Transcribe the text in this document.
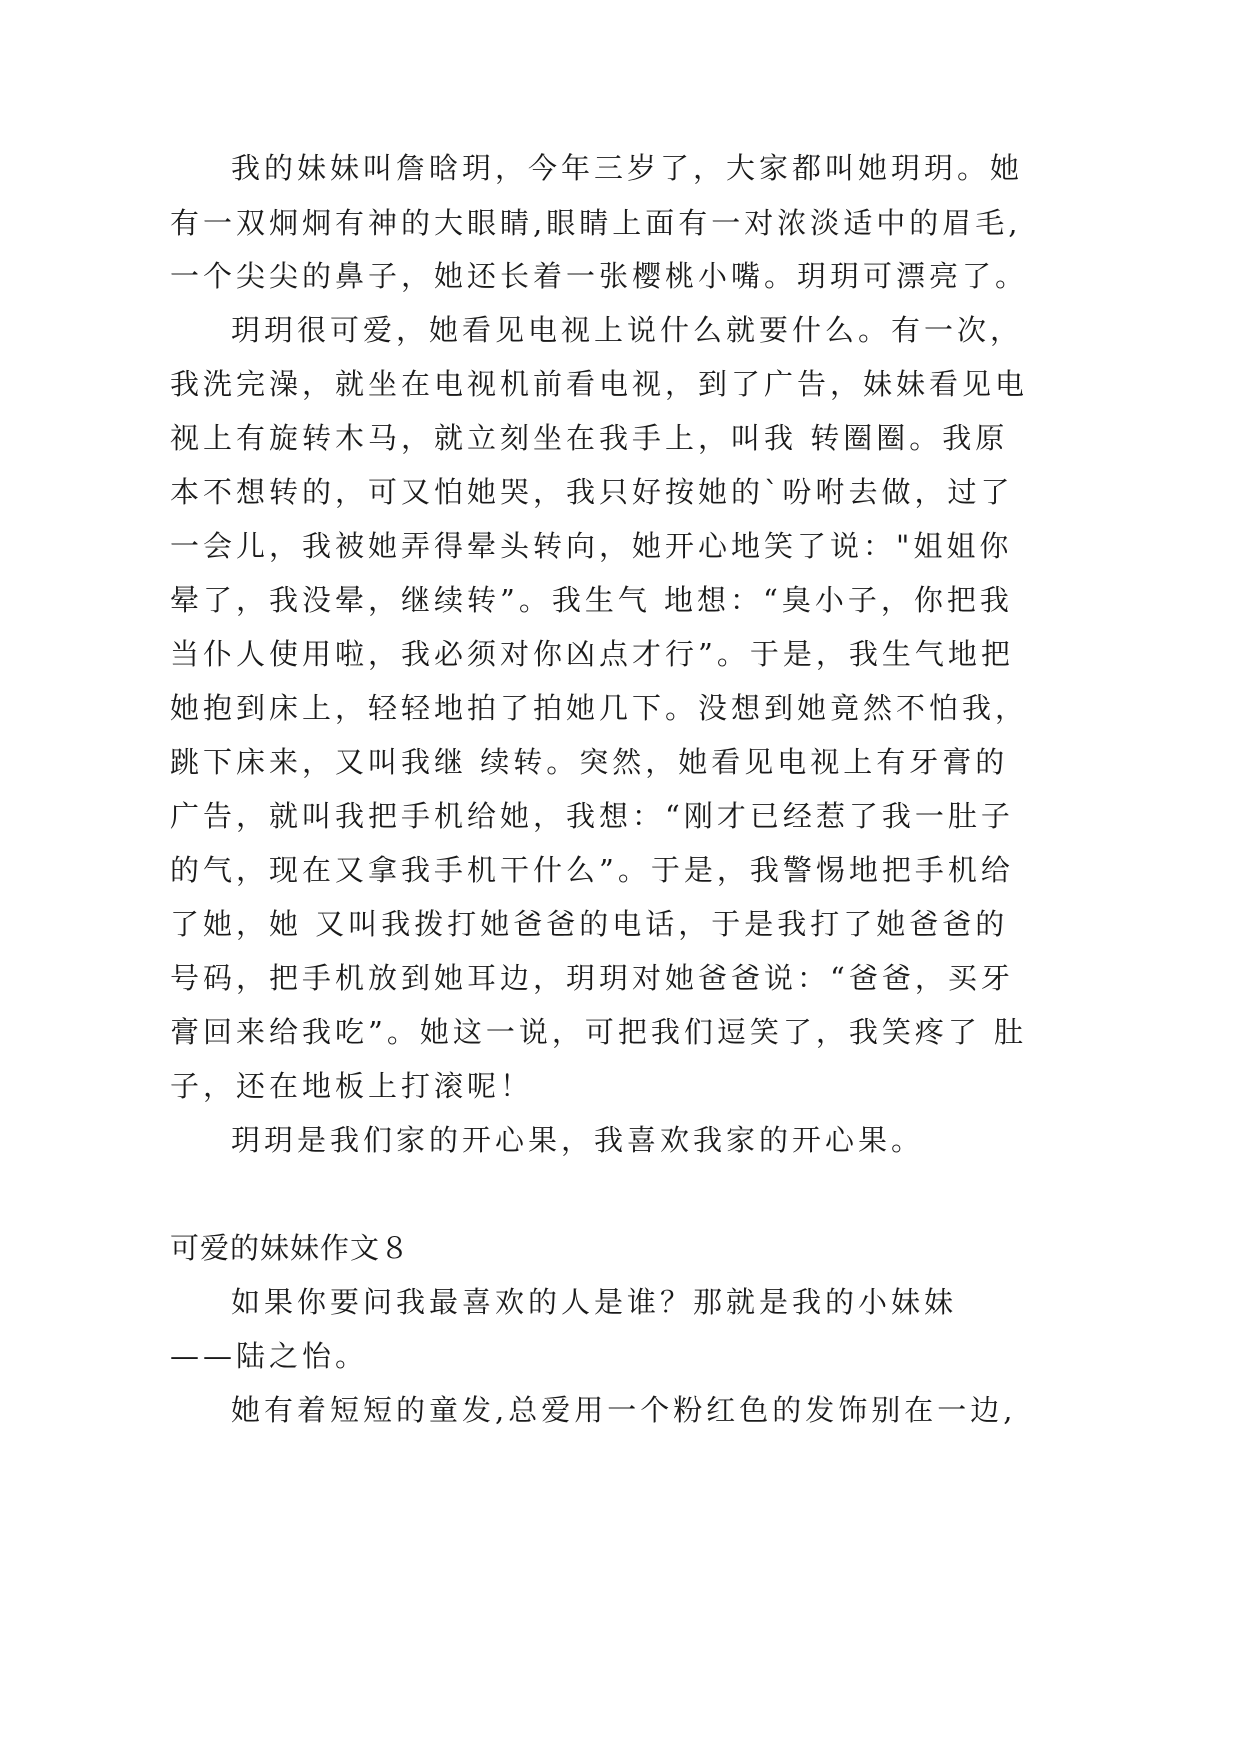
我的妹妹叫詹晗玥，今年三岁了，大家都叫她玥玥。她
有一双炯炯有神的大眼睛,眼睛上面有一对浓淡适中的眉毛,
一个尖尖的鼻子，她还长着一张樱桃小嘴。玥玥可漂亮了。
玥玥很可爱，她看见电视上说什么就要什么。有一次，
我洗完澡，就坐在电视机前看电视，到了广告，妹妹看见电
视上有旋转木马，就立刻坐在我手上，叫我 转圈圈。我原
本不想转的，可又怕她哭，我只好按她的`吩咐去做，过了
一会儿，我被她弄得晕头转向，她开心地笑了说："姐姐你
晕了，我没晕，继续转”。我生气 地想：“臭小子，你把我
当仆人使用啦，我必须对你凶点才行”。于是，我生气地把
她抱到床上，轻轻地拍了拍她几下。没想到她竟然不怕我，
跳下床来，又叫我继 续转。突然，她看见电视上有牙膏的
广告，就叫我把手机给她，我想：“刚才已经惹了我一肚子
的气，现在又拿我手机干什么”。于是，我警惕地把手机给
了她，她 又叫我拨打她爸爸的电话，于是我打了她爸爸的
号码，把手机放到她耳边，玥玥对她爸爸说：“爸爸，买牙
膏回来给我吃”。她这一说，可把我们逗笑了，我笑疼了 肚
子，还在地板上打滚呢！
玥玥是我们家的开心果，我喜欢我家的开心果。
可爱的妹妹作文８
如果你要问我最喜欢的人是谁？那就是我的小妹妹
——陆之怡。
她有着短短的童发,总爱用一个粉红色的发饰别在一边,
